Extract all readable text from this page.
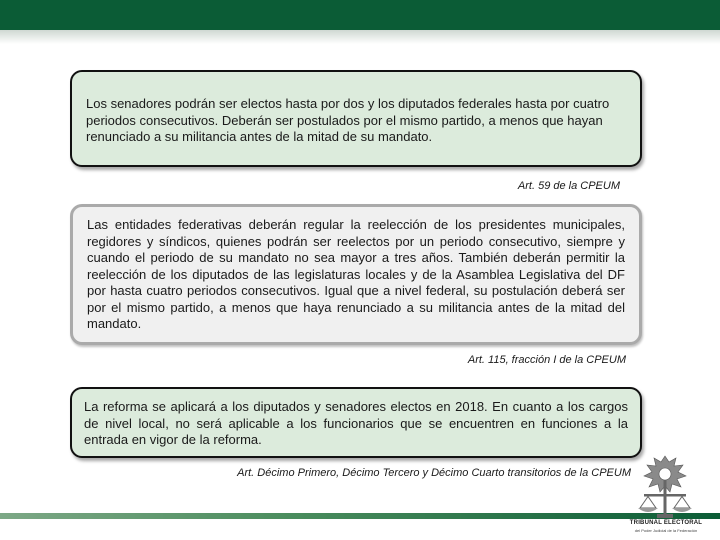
Los senadores podrán ser electos hasta por dos y los diputados federales hasta por cuatro periodos consecutivos. Deberán ser postulados por el mismo partido, a menos que hayan renunciado a su militancia antes de la mitad de su mandato.
Art. 59 de la CPEUM
Las entidades federativas deberán regular la reelección de los presidentes municipales, regidores y síndicos, quienes podrán ser reelectos por un periodo consecutivo, siempre y cuando el periodo de su mandato no sea mayor a tres años. También deberán permitir la reelección de los diputados de las legislaturas locales y de la Asamblea Legislativa del DF por hasta cuatro periodos consecutivos. Igual que a nivel federal, su postulación deberá ser por el mismo partido, a menos que haya renunciado a su militancia antes de la mitad del mandato.
Art. 115, fracción I de la CPEUM
La reforma se aplicará a los diputados y senadores electos en 2018. En cuanto a los cargos de nivel local, no será aplicable a los funcionarios que se encuentren en funciones a la entrada en vigor de la reforma.
Art. Décimo Primero, Décimo Tercero y Décimo Cuarto transitorios de la CPEUM
TRIBUNAL ELECTORAL
del Poder Judicial de la Federación
